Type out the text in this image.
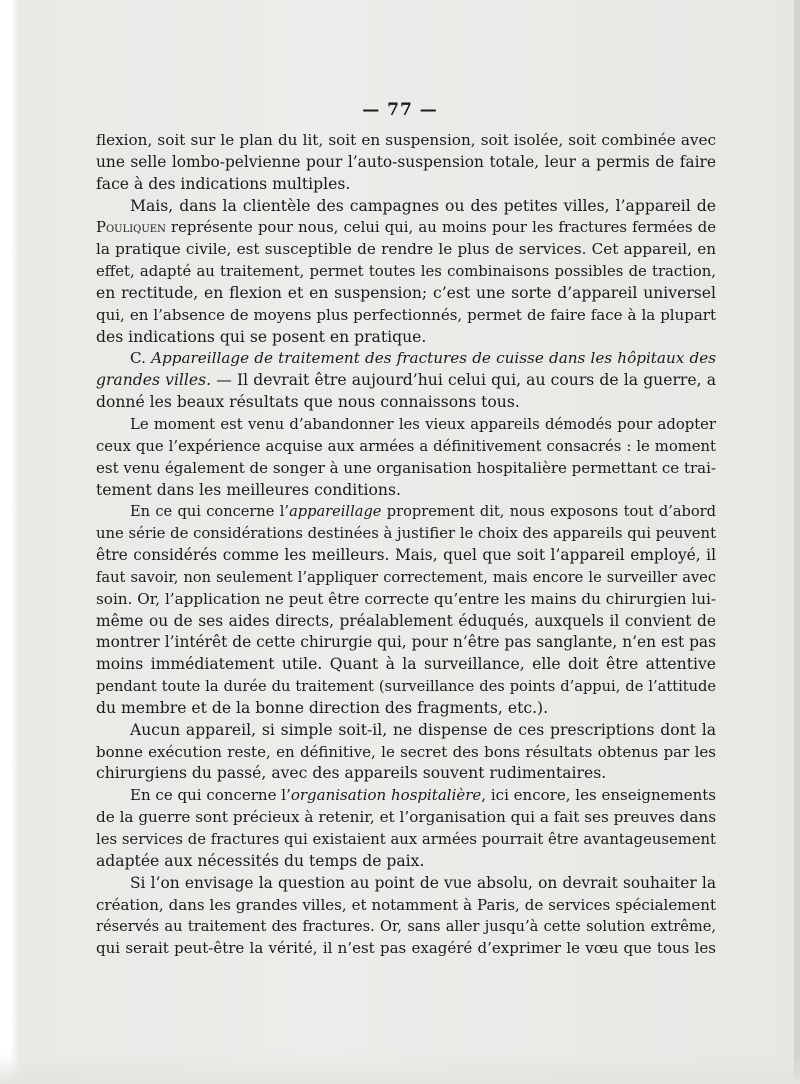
— 77 —
flexion, soit sur le plan du lit, soit en suspension, soit isolée, soit combinée avec
une selle lombo-pelvienne pour l’auto-suspension totale, leur a permis de faire
face à des indications multiples.
Mais, dans la clientèle des campagnes ou des petites villes, l’appareil de
Pouliquen représente pour nous, celui qui, au moins pour les fractures fermées de
la pratique civile, est susceptible de rendre le plus de services. Cet appareil, en
effet, adapté au traitement, permet toutes les combinaisons possibles de traction,
en rectitude, en flexion et en suspension; c’est une sorte d’appareil universel
qui, en l’absence de moyens plus perfectionnés, permet de faire face à la plupart
des indications qui se posent en pratique.
C. Appareillage de traitement des fractures de cuisse dans les hôpitaux des
grandes villes. — Il devrait être aujourd’hui celui qui, au cours de la guerre, a
donné les beaux résultats que nous connaissons tous.
Le moment est venu d’abandonner les vieux appareils démodés pour adopter
ceux que l’expérience acquise aux armées a définitivement consacrés : le moment
est venu également de songer à une organisation hospitalière permettant ce trai-
tement dans les meilleures conditions.
En ce qui concerne l’appareillage proprement dit, nous exposons tout d’abord
une série de considérations destinées à justifier le choix des appareils qui peuvent
être considérés comme les meilleurs. Mais, quel que soit l’appareil employé, il
faut savoir, non seulement l’appliquer correctement, mais encore le surveiller avec
soin. Or, l’application ne peut être correcte qu’entre les mains du chirurgien lui-
même ou de ses aides directs, préalablement éduqués, auxquels il convient de
montrer l’intérêt de cette chirurgie qui, pour n’être pas sanglante, n’en est pas
moins immédiatement utile. Quant à la surveillance, elle doit être attentive
pendant toute la durée du traitement (surveillance des points d’appui, de l’attitude
du membre et de la bonne direction des fragments, etc.).
Aucun appareil, si simple soit-il, ne dispense de ces prescriptions dont la
bonne exécution reste, en définitive, le secret des bons résultats obtenus par les
chirurgiens du passé, avec des appareils souvent rudimentaires.
En ce qui concerne l’organisation hospitalière, ici encore, les enseignements
de la guerre sont précieux à retenir, et l’organisation qui a fait ses preuves dans
les services de fractures qui existaient aux armées pourrait être avantageusement
adaptée aux nécessités du temps de paix.
Si l’on envisage la question au point de vue absolu, on devrait souhaiter la
création, dans les grandes villes, et notamment à Paris, de services spécialement
réservés au traitement des fractures. Or, sans aller jusqu’à cette solution extrême,
qui serait peut-être la vérité, il n’est pas exagéré d’exprimer le vœu que tous les
